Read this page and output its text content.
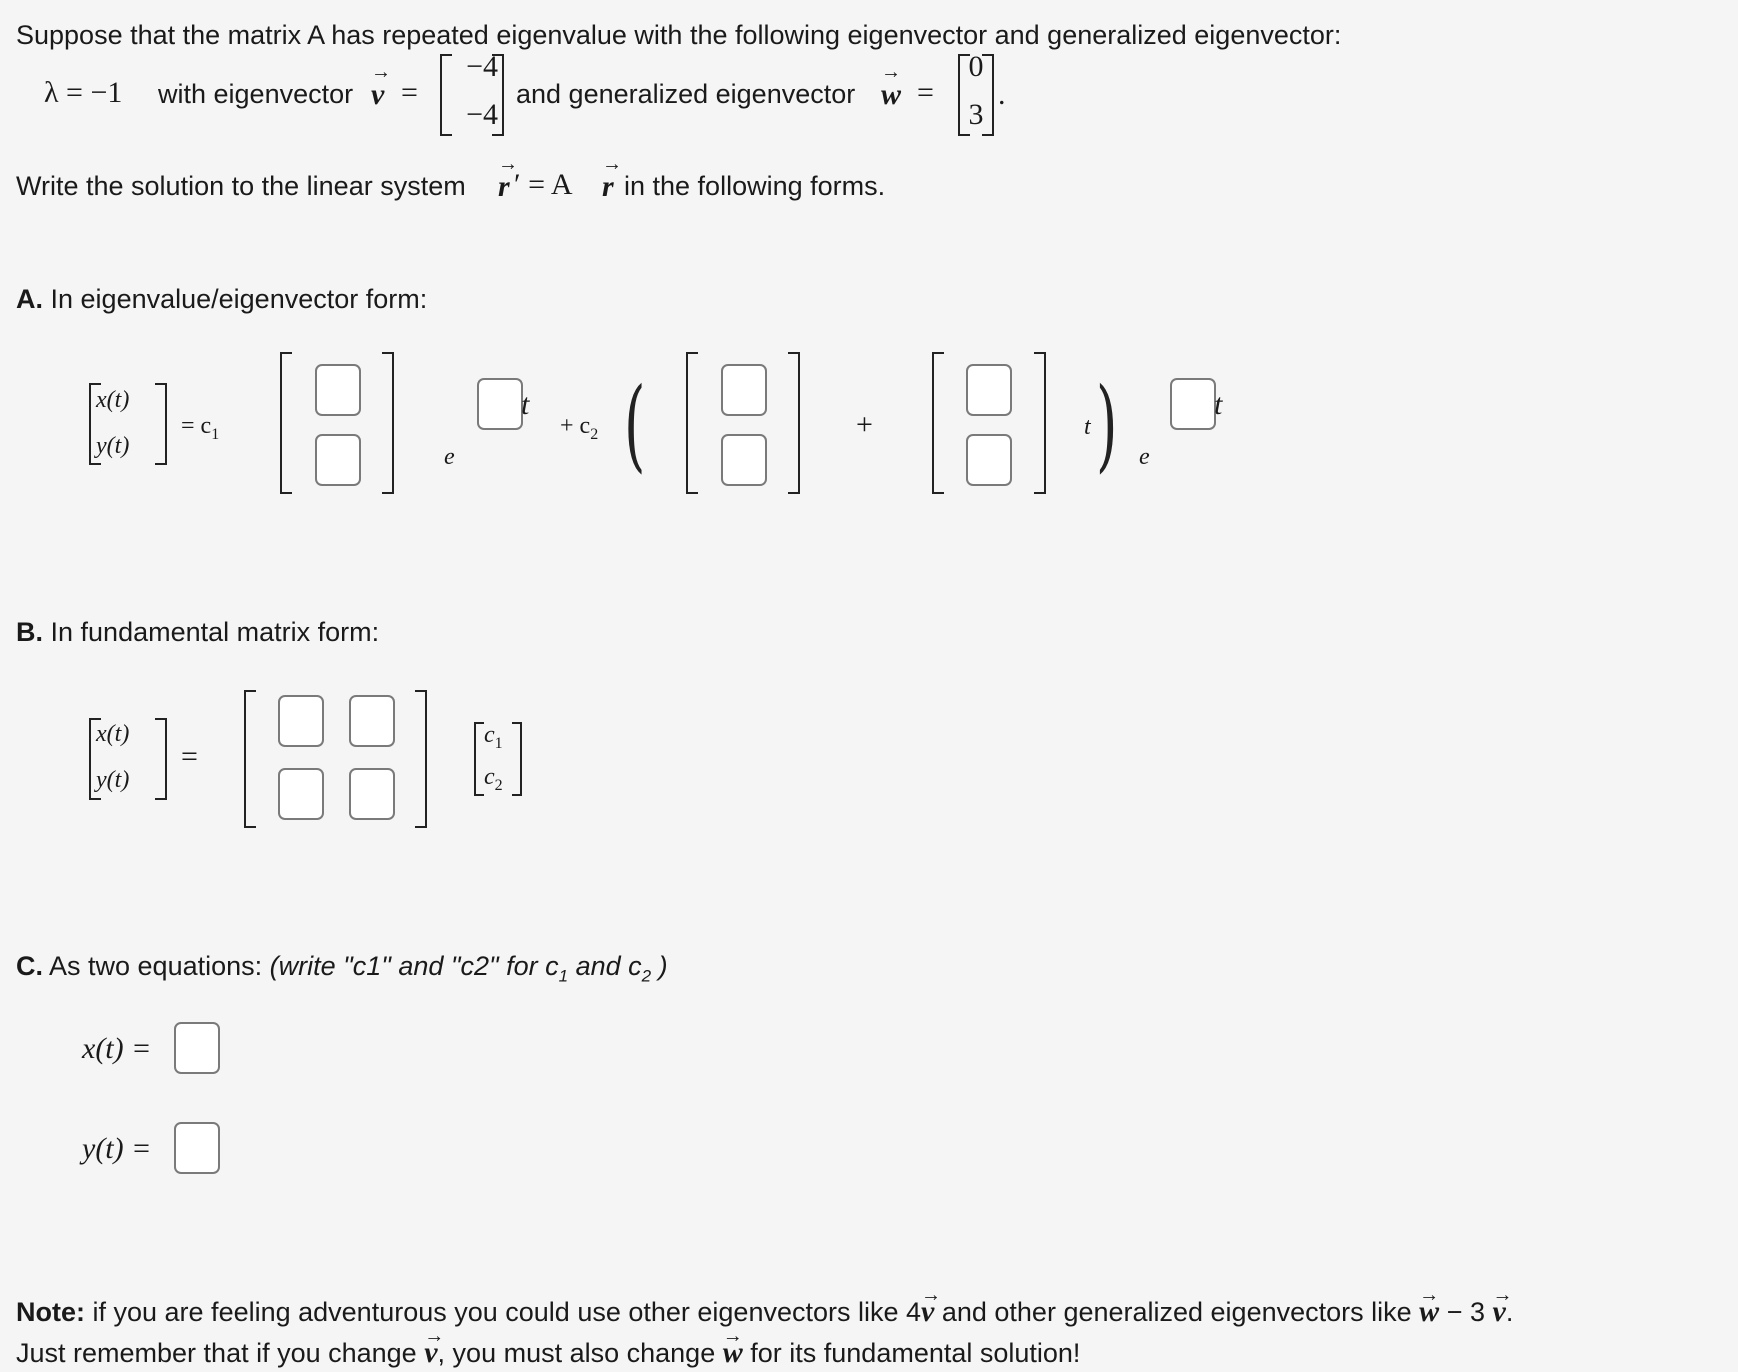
Suppose that the matrix A has repeated eigenvalue with the following eigenvector and generalized eigenvector:
λ = −1 with eigenvector → v =
−4
−4
and generalized eigenvector → w =
0
3
.
Write the solution to the linear system → r ′ = A → r in the following forms.
A. In eigenvalue/eigenvector form:
x(t)
y(t)
= $c_1$
e
t
+ $c_2$ (	+	t ) e
t
B. In fundamental matrix form:
x(t)
y(t)
=
$c_1$
$c_2$
C. As two equations: (write "c1" and "c2" for $c_1$ and $c_2$ )
x(t) =
y(t) =
Note: if you are feeling adventurous you could use other eigenvectors like 4→ v and other generalized eigenvectors like → w − 3 → v.
Just remember that if you change → v, you must also change → w for its fundamental solution!
